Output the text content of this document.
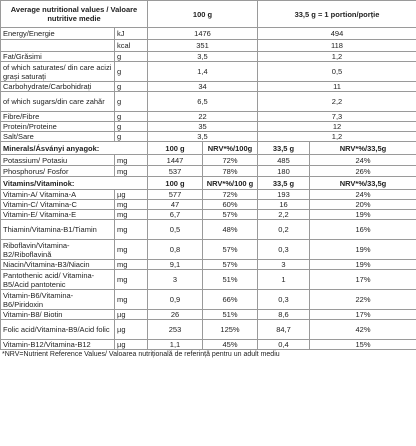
Average nutritional values / Valoare nutritive medie		100 g		33,5 g = 1 portion/porție	
Energy/Energie	kJ	1476		494	
	kcal	351		118	
Fat/Grăsimi	g	3,5		1,2	
of which saturates/ din care acizi grași saturați	g	1,4		0,5	
Carbohydrate/Carbohidrați	g	34		11	
of which sugars/din care zahăr	g	6,5		2,2	
Fibre/Fibre	g	22		7,3	
Protein/Proteine	g	35		12	
Salt/Sare	g	3,5		1,2	
Minerals/Ásványi anyagok:		100 g	NRV*%/100g	33,5 g	NRV*%/33,5g
Potassium/ Potasiu	mg	1447	72%	485	24%
Phosphorus/ Fosfor	mg	537	78%	180	26%
Vitamins/Vitaminok:		100 g	NRV*%/100 g	33,5 g	NRV*%/33,5g
Vitamin-A/ Vitamina-A	µg	577	72%	193	24%
Vitamin-C/ Vitamina-C	mg	47	60%	16	20%
Vitamin-E/ Vitamina-E	mg	6,7	57%	2,2	19%
Thiamin/Vitamina-B1/Tiamin	mg	0,5	48%	0,2	16%
Riboflavin/Vitamina-B2/Riboflavină	mg	0,8	57%	0,3	19%
Niacin/Vitamina-B3/Niacin	mg	9,1	57%	3	19%
Pantothenic acid/ Vitamina-B5/Acid pantotenic	mg	3	51%	1	17%
Vitamin-B6/Vitamina-B6/Piridoxin	mg	0,9	66%	0,3	22%
Vitamin-B8/ Biotin	µg	26	51%	8,6	17%
Folic acid/Vitamina-B9/Acid folic	µg	253	125%	84,7	42%
Vitamin-B12/Vitamina-B12	µg	1,1	45%	0,4	15%
*NRV=Nutrient Reference Values/ Valoarea nutrițională de referință pentru un adult mediu
